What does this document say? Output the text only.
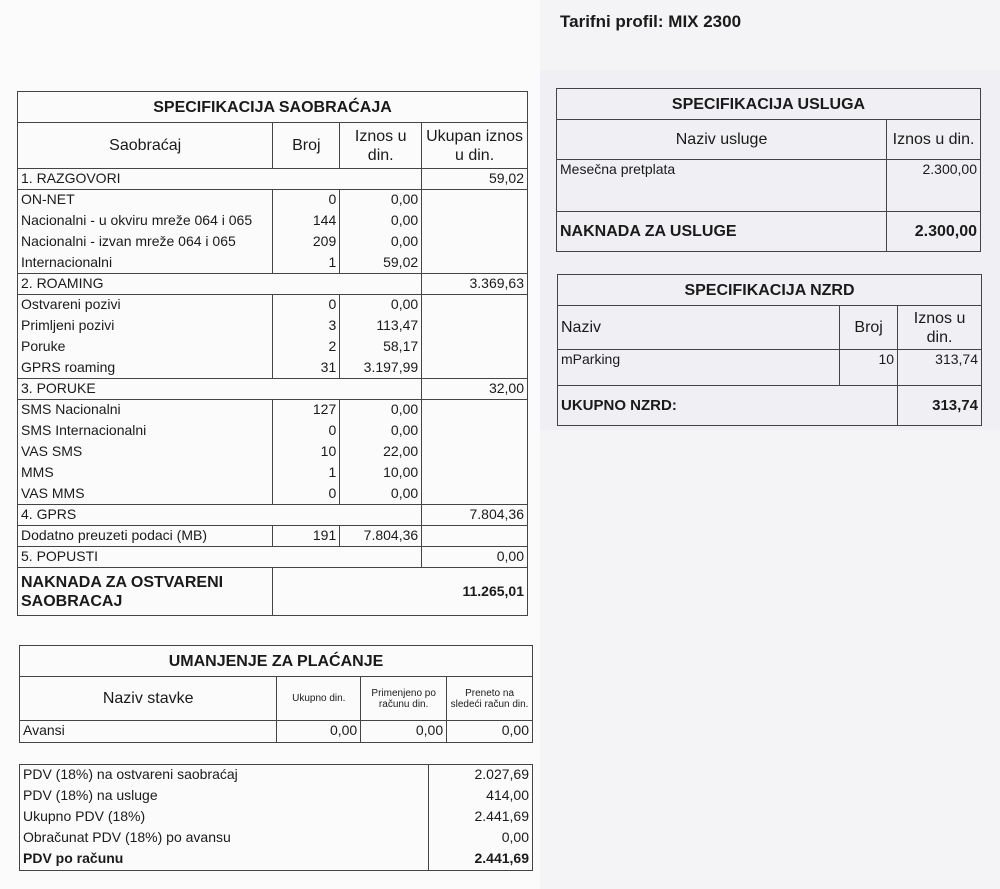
Tarifni profil: MIX 2300
SPECIFIKACIJA SAOBRAĆAJA			
Saobraćaj	Broj	Iznos u din.	Ukupan iznos u din.
1. RAZGOVORI			59,02
ON-NET	0	0,00	
Nacionalni - u okviru mreže 064 i 065	144	0,00	
Nacionalni - izvan mreže 064 i 065	209	0,00	
Internacionalni	1	59,02	
2. ROAMING			3.369,63
Ostvareni pozivi	0	0,00	
Primljeni pozivi	3	113,47	
Poruke	2	58,17	
GPRS roaming	31	3.197,99	
3. PORUKE			32,00
SMS Nacionalni	127	0,00	
SMS Internacionalni	0	0,00	
VAS SMS	10	22,00	
MMS	1	10,00	
VAS MMS	0	0,00	
4. GPRS			7.804,36
Dodatno preuzeti podaci (MB)	191	7.804,36	
5. POPUSTI			0,00
NAKNADA ZA OSTVARENI SAOBRACAJ	11.265,01		
SPECIFIKACIJA USLUGA	
Naziv usluge	Iznos u din.
Mesečna pretplata	2.300,00
NAKNADA ZA USLUGE	2.300,00
SPECIFIKACIJA NZRD		
Naziv	Broj	Iznos u din.
mParking	10	313,74
UKUPNO NZRD:		313,74
UMANJENJE ZA PLAĆANJE			
Naziv stavke	Ukupno din.	Primenjeno po računu din.	Preneto na sledeći račun din.
Avansi	0,00	0,00	0,00
PDV (18%) na ostvareni saobraćaj	2.027,69
PDV (18%) na usluge	414,00
Ukupno PDV (18%)	2.441,69
Obračunat PDV (18%) po avansu	0,00
PDV po računu	2.441,69
